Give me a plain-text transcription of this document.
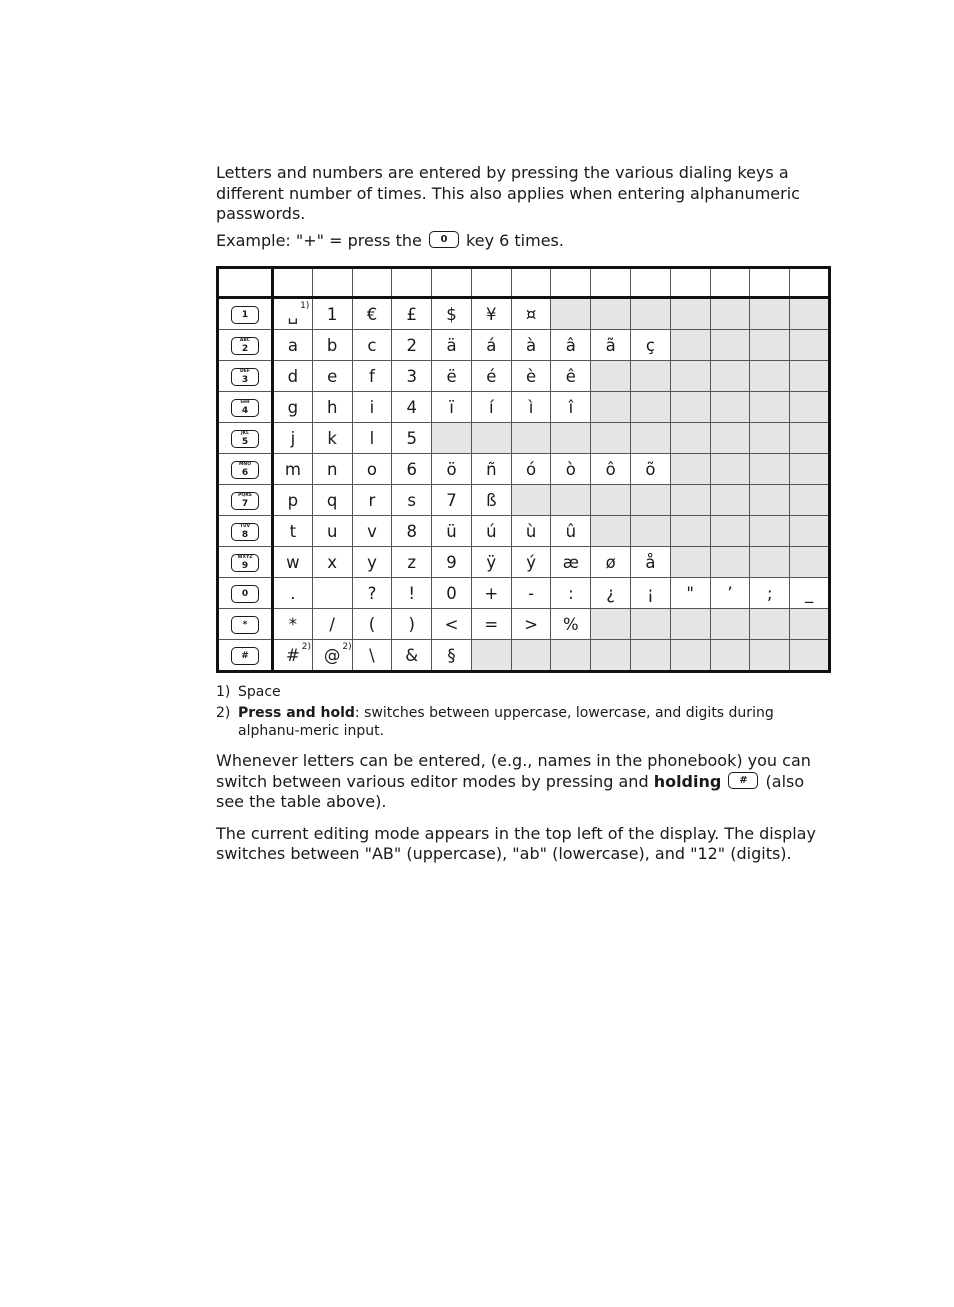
Letters and numbers are entered by pressing the various dialing keys a different number of times. This also applies when entering alphanumeric passwords.

Example: "+" = press the	0	key 6 times.

1	␣ 1)	1	€	£	$	¥	¤							

ABC
2	a	b	c	2	ä	á	à	â	ã	ç				

DEF
3	d	e	f	3	ë	é	è	ê						

GHI
4	g	h	i	4	ï	í	ì	î						

JKL
5	j	k	l	5										

MNO
6	m	n	o	6	ö	ñ	ó	ò	ô	õ				

PQRS
7	p	q	r	s	7	ß								

TUV
8	t	u	v	8	ü	ú	ù	û						

WXYZ
9	w	x	y	z	9	ÿ	ý	æ	ø	å				

0	.		?	!	0	+	-	:	¿	¡	"	’	;	_

*	*	/	(	)	<	=	>	%						

#	# 2)	@ 2)	\	&	§									
1) Space
2) Press and hold: switches between uppercase, lowercase, and digits during alphanu-meric input.

Whenever letters can be entered, (e.g., names in the phonebook) you can switch between various editor modes by pressing and holding	#	(also see the table above).

The current editing mode appears in the top left of the display. The display switches between "AB" (uppercase), "ab" (lowercase), and "12" (digits).
